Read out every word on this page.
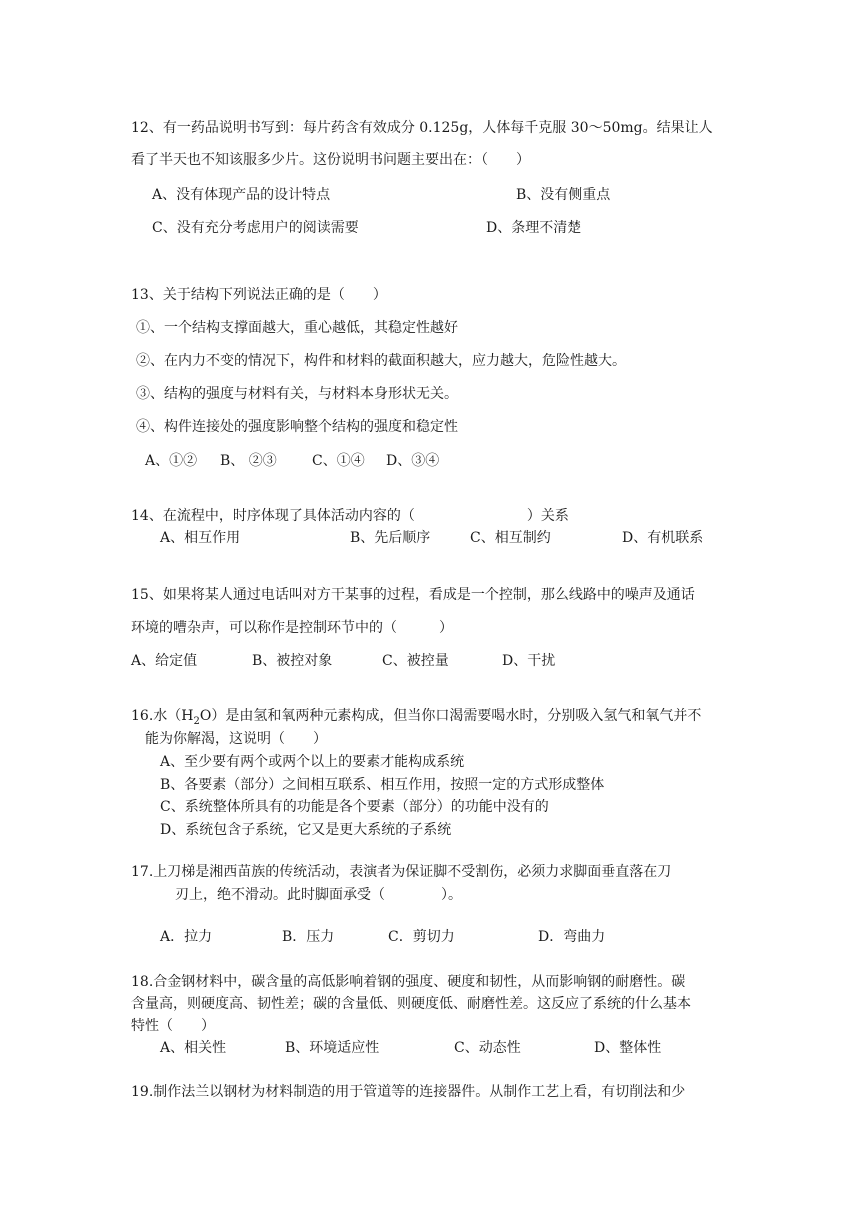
12、有一药品说明书写到：每片药含有效成分 0.125g，人体每千克服 30～50mg。结果让人
看了半天也不知该服多少片。这份说明书问题主要出在：（　　）
A、没有体现产品的设计特点	B、没有侧重点
C、没有充分考虑用户的阅读需要	D、条理不清楚
13、关于结构下列说法正确的是（　　）
①、一个结构支撑面越大，重心越低，其稳定性越好
②、在内力不变的情况下，构件和材料的截面积越大，应力越大，危险性越大。
③、结构的强度与材料有关，与材料本身形状无关。
④、构件连接处的强度影响整个结构的强度和稳定性
A、①② B、 ②③	C、①④ D、③④
14、在流程中，时序体现了具体活动内容的（　　　　　　　　）关系
A、相互作用	B、先后顺序	C、相互制约	D、有机联系
15、如果将某人通过电话叫对方干某事的过程，看成是一个控制，那么线路中的噪声及通话
环境的嘈杂声，可以称作是控制环节中的（　　　）
A、给定值	B、被控对象	C、被控量	D、干扰
16.水$(H_2O)$是由氢和氧两种元素构成，但当你口渴需要喝水时，分别吸入氢气和氧气并不
能为你解渴，这说明（　　）
A、至少要有两个或两个以上的要素才能构成系统
B、各要素（部分）之间相互联系、相互作用，按照一定的方式形成整体
C、系统整体所具有的功能是各个要素（部分）的功能中没有的
D、系统包含子系统，它又是更大系统的子系统
17.上刀梯是湘西苗族的传统活动，表演者为保证脚不受割伤，必须力求脚面垂直落在刀
刃上，绝不滑动。此时脚面承受（　　　　）。
A．拉力	B．压力	C．剪切力	D．弯曲力
18.合金钢材料中，碳含量的高低影响着钢的强度、硬度和韧性，从而影响钢的耐磨性。碳
含量高，则硬度高、韧性差；碳的含量低、则硬度低、耐磨性差。这反应了系统的什么基本
特性（　　）
A、相关性	B、环境适应性	C、动态性	D、整体性
19.制作法兰以钢材为材料制造的用于管道等的连接器件。从制作工艺上看，有切削法和少
